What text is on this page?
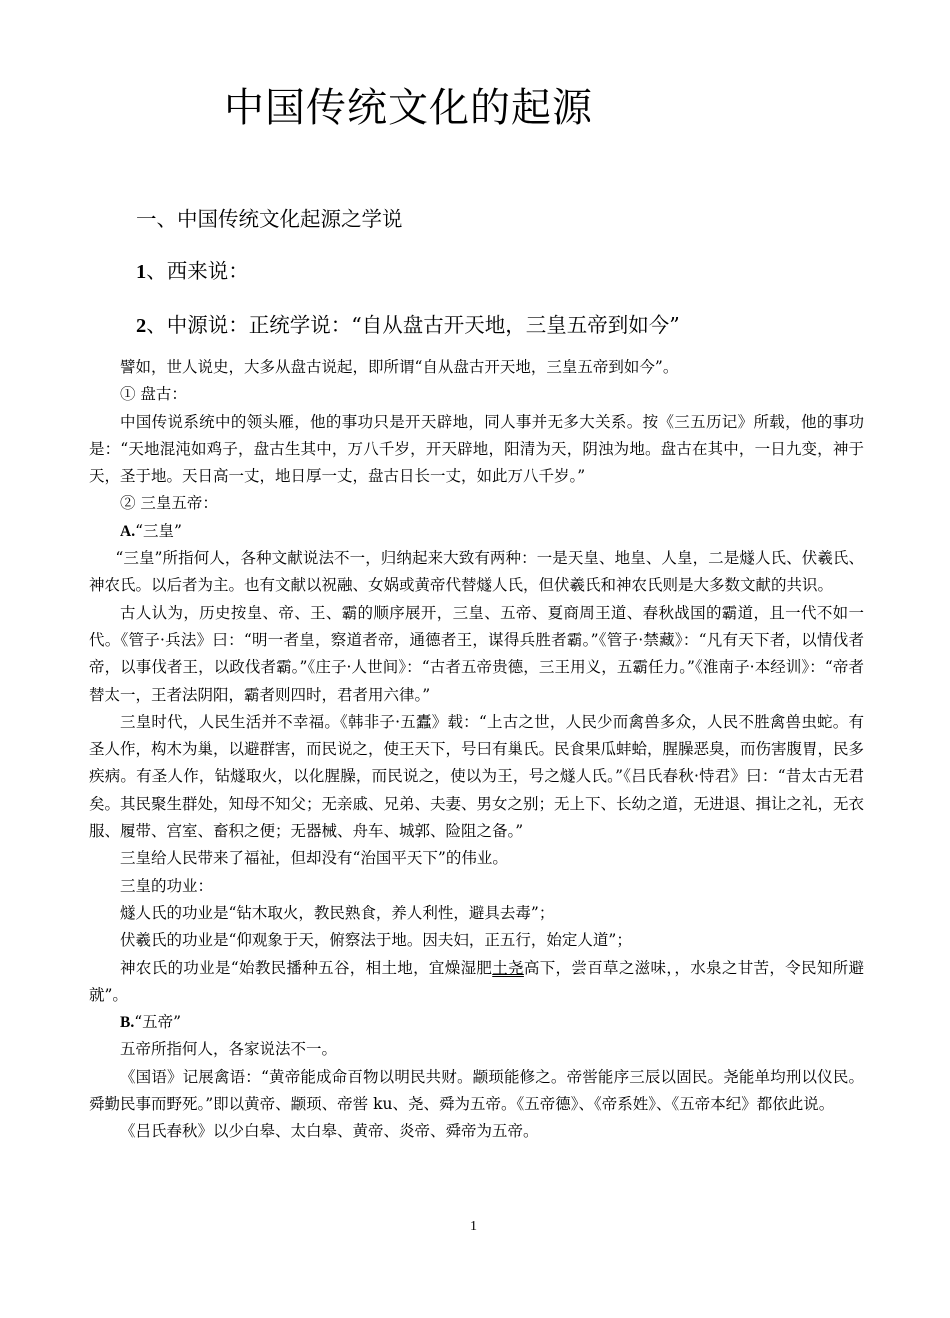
中国传统文化的起源
一、中国传统文化起源之学说
1、西来说：
2、中源说：正统学说：“自从盘古开天地，三皇五帝到如今”

譬如，世人说史，大多从盘古说起，即所谓“自从盘古开天地，三皇五帝到如今”。

① 盘古：

中国传说系统中的领头雁，他的事功只是开天辟地，同人事并无多大关系。按《三五历记》所载，他的事功是：“天地混沌如鸡子，盘古生其中，万八千岁，开天辟地，阳清为天，阴浊为地。盘古在其中，一日九变，神于天，圣于地。天日高一丈，地日厚一丈，盘古日长一丈，如此万八千岁。”

② 三皇五帝：

A.“三皇”

“三皇”所指何人，各种文献说法不一，归纳起来大致有两种：一是天皇、地皇、人皇，二是燧人氏、伏羲氏、神农氏。以后者为主。也有文献以祝融、女娲或黄帝代替燧人氏，但伏羲氏和神农氏则是大多数文献的共识。

古人认为，历史按皇、帝、王、霸的顺序展开，三皇、五帝、夏商周王道、春秋战国的霸道，且一代不如一代。《管子·兵法》曰：“明一者皇，察道者帝，通德者王，谋得兵胜者霸。”《管子·禁藏》：“凡有天下者，以情伐者帝，以事伐者王，以政伐者霸。”《庄子·人世间》：“古者五帝贵德，三王用义，五霸任力。”《淮南子·本经训》：“帝者替太一，王者法阴阳，霸者则四时，君者用六律。”

三皇时代，人民生活并不幸福。《韩非子·五蠹》载：“上古之世，人民少而禽兽多众，人民不胜禽兽虫蛇。有圣人作，构木为巢，以避群害，而民说之，使王天下，号曰有巢氏。民食果瓜蚌蛤，腥臊恶臭，而伤害腹胃，民多疾病。有圣人作，钻燧取火，以化腥臊，而民说之，使以为王，号之燧人氏。”《吕氏春秋·恃君》曰：“昔太古无君矣。其民聚生群处，知母不知父；无亲戚、兄弟、夫妻、男女之别；无上下、长幼之道，无进退、揖让之礼，无衣服、履带、宫室、畜积之便；无器械、舟车、城郭、险阻之备。”

三皇给人民带来了福祉，但却没有“治国平天下”的伟业。

三皇的功业：

燧人氏的功业是“钻木取火，教民熟食，养人利性，避具去毒”；

伏羲氏的功业是“仰观象于天，俯察法于地。因夫妇，正五行，始定人道”；

神农氏的功业是“始教民播种五谷，相土地，宜燥湿肥土尧高下，尝百草之滋味，，水泉之甘苦，令民知所避就”。

B.“五帝”

五帝所指何人，各家说法不一。

《国语》记展禽语：“黄帝能成命百物以明民共财。颛顼能修之。帝喾能序三辰以固民。尧能单均刑以仪民。舜勤民事而野死。”即以黄帝、颛顼、帝喾 ku、尧、舜为五帝。《五帝德》、《帝系姓》、《五帝本纪》都依此说。

《吕氏春秋》以少白皋、太白皋、黄帝、炎帝、舜帝为五帝。

1
